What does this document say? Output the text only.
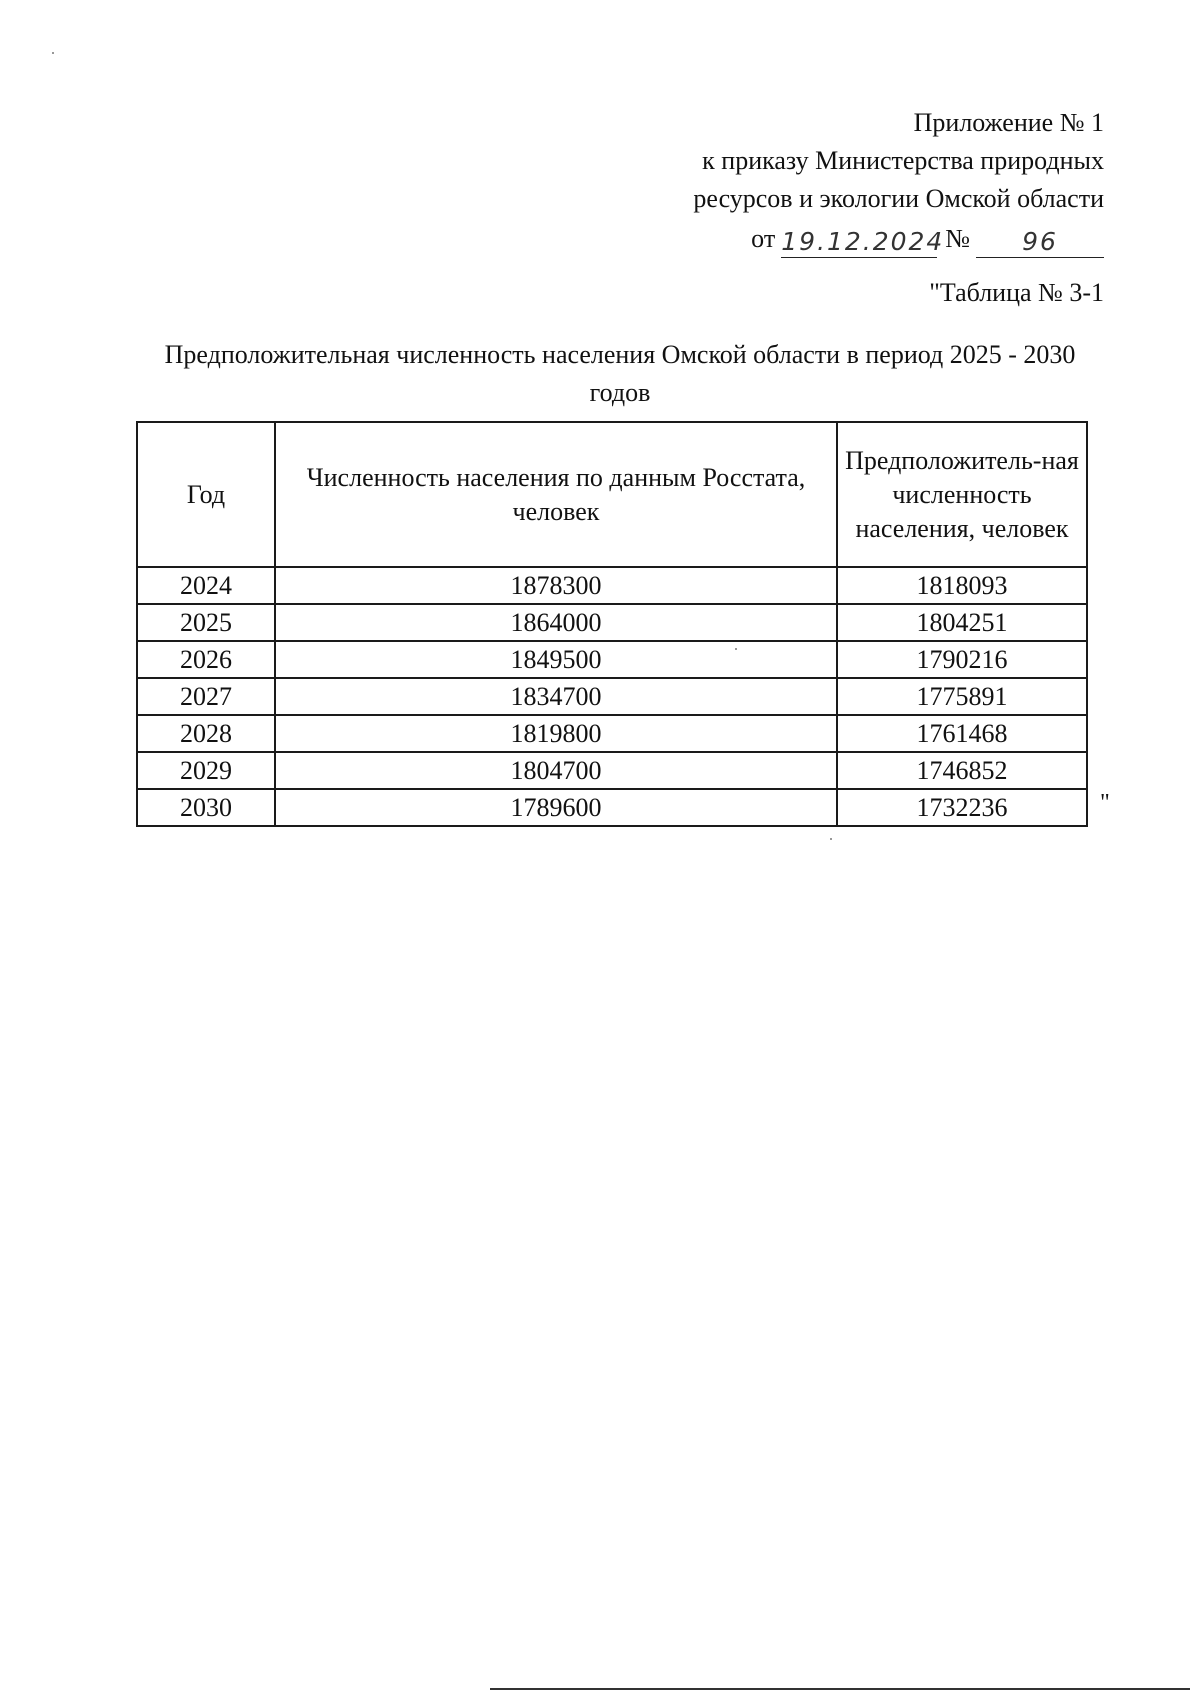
Приложение № 1
к приказу Министерства природных
ресурсов и экологии Омской области
от 19.12.2024 №	96
"Таблица № 3-1
Предположительная численность населения Омской области в период 2025 - 2030 годов
Год	Численность населения по данным Росстата, человек	Предположитель-ная численность населения, человек
2024	1878300	1818093
2025	1864000	1804251
2026	1849500	1790216
2027	1834700	1775891
2028	1819800	1761468
2029	1804700	1746852
2030	1789600	1732236	"
